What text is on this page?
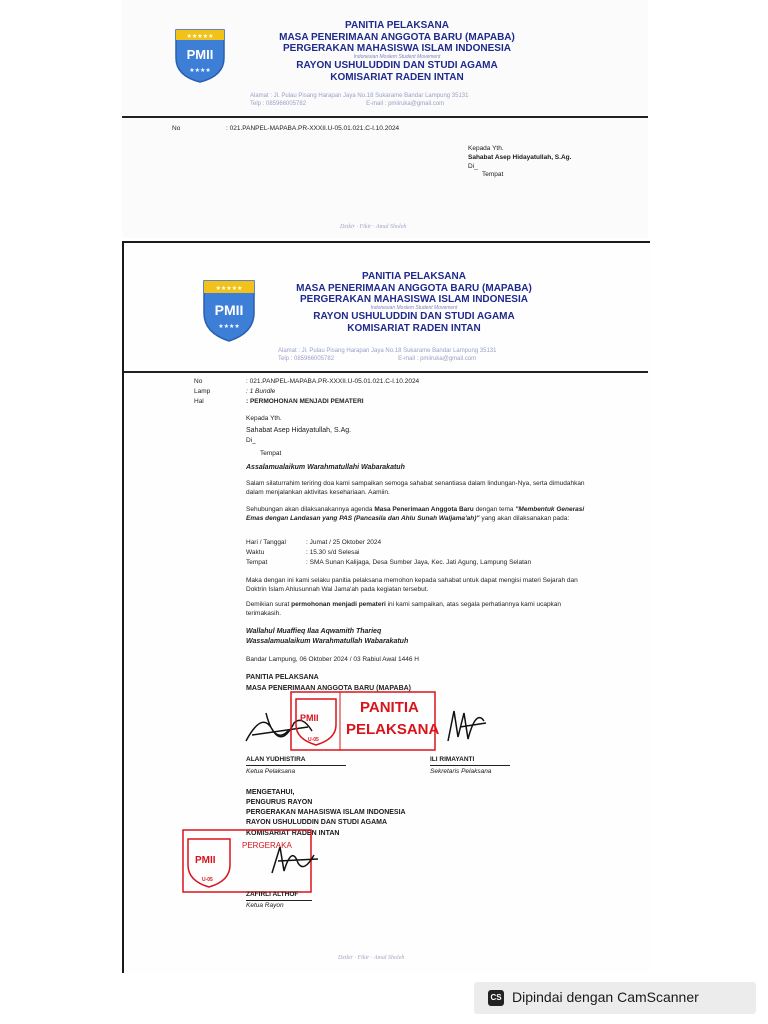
PMII
★★★★
★★★★★
PANITIA PELAKSANA
MASA PENERIMAAN ANGGOTA BARU (MAPABA)
PERGERAKAN MAHASISWA ISLAM INDONESIA
Indonesian Moslem Student Movement
RAYON USHULUDDIN DAN STUDI AGAMA
KOMISARIAT RADEN INTAN
Alamat : Jl. Pulau Pisang Harapan Jaya No.18 Sukarame Bandar Lampung 35131
Telp : 085966005782	E-mail : pmiiruka@gmail.com
No	: 021.PANPEL-MAPABA.PR-XXXII.U-05.01.021.C-I.10.2024
Kepada Yth.
Sahabat Asep Hidayatullah, S.Ag.
Di_
Tempat
Dzikir · Fikir · Amal Sholeh
PMII
★★★★
★★★★★
PANITIA PELAKSANA
MASA PENERIMAAN ANGGOTA BARU (MAPABA)
PERGERAKAN MAHASISWA ISLAM INDONESIA
Indonesian Moslem Student Movement
RAYON USHULUDDIN DAN STUDI AGAMA
KOMISARIAT RADEN INTAN
Alamat : Jl. Pulau Pisang Harapan Jaya No.18 Sukarame Bandar Lampung 35131
Telp : 085966005782	E-mail : pmiiruka@gmail.com
No	: 021.PANPEL-MAPABA.PR-XXXII.U-05.01.021.C-I.10.2024
Lamp	: 1 Bundle
Hal	: PERMOHONAN MENJADI PEMATERI
Kepada Yth.
Sahabat Asep Hidayatullah, S.Ag.
Di_
Tempat
Assalamualaikum Warahmatullahi Wabarakatuh
Salam silaturrahim teriring doa kami sampaikan semoga sahabat senantiasa dalam lindungan-Nya, serta dimudahkan dalam menjalankan aktivitas kesehariaan. Aamiin.
Sehubungan akan dilaksanakannya agenda Masa Penerimaan Anggota Baru dengan tema "Membentuk Generasi Emas dengan Landasan yang PAS (Pancasila dan Ahlu Sunah Waljama'ah)" yang akan dilaksanakan pada:
Hari / Tanggal	: Jumat / 25 Oktober 2024
Waktu	: 15.30 s/d Selesai
Tempat	: SMA Sunan Kalijaga, Desa Sumber Jaya, Kec. Jati Agung, Lampung Selatan
Maka dengan ini kami selaku panitia pelaksana memohon kepada sahabat untuk dapat mengisi materi Sejarah dan Doktrin Islam Ahlusunnah Wal Jama'ah pada kegiatan tersebut.
Demikian surat permohonan menjadi pemateri ini kami sampaikan, atas segala perhatiannya kami ucapkan terimakasih.
Wallahul Muaffieq Ilaa Aqwamith Tharieq
Wassalamualaikum Warahmatullah Wabarakatuh
Bandar Lampung, 06 Oktober 2024 / 03 Rabiul Awal 1446 H
PANITIA PELAKSANA
MASA PENERIMAAN ANGGOTA BARU (MAPABA)
PMII
U-05
PANITIA
PELAKSANA
ALAN YUDHISTIRA
Ketua Pelaksana
ILI RIMAYANTI
Sekretaris Pelaksana
MENGETAHUI,
PENGURUS RAYON
PERGERAKAN MAHASISWA ISLAM INDONESIA
RAYON USHULUDDIN DAN STUDI AGAMA
KOMISARIAT RADEN INTAN
PMII
U-05
PERGERAKA
ZAFIRLI ALTHOF
Ketua Rayon
Dzikir · Fikir · Amal Sholeh
CS Dipindai dengan CamScanner
